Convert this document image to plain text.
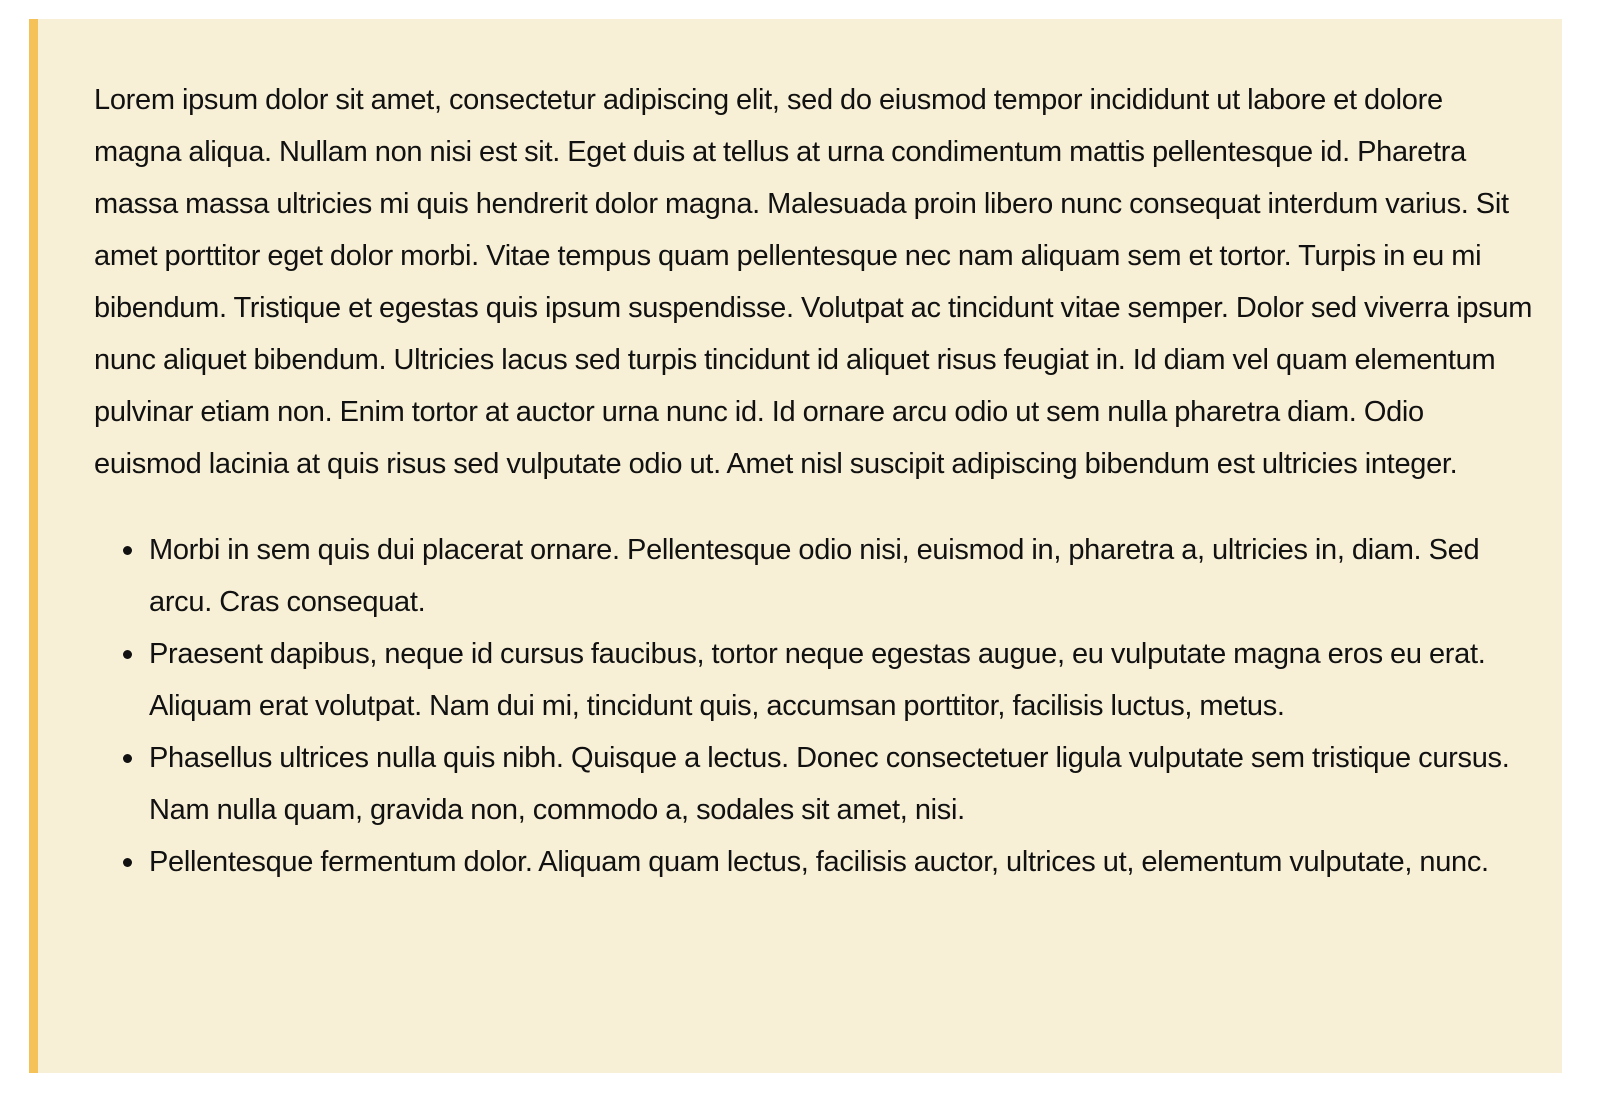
Lorem ipsum dolor sit amet, consectetur adipiscing elit, sed do eiusmod tempor incididunt ut labore et dolore magna aliqua. Nullam non nisi est sit. Eget duis at tellus at urna condimentum mattis pellentesque id. Pharetra massa massa ultricies mi quis hendrerit dolor magna. Malesuada proin libero nunc consequat interdum varius. Sit amet porttitor eget dolor morbi. Vitae tempus quam pellentesque nec nam aliquam sem et tortor. Turpis in eu mi bibendum. Tristique et egestas quis ipsum suspendisse. Volutpat ac tincidunt vitae semper. Dolor sed viverra ipsum nunc aliquet bibendum. Ultricies lacus sed turpis tincidunt id aliquet risus feugiat in. Id diam vel quam elementum pulvinar etiam non. Enim tortor at auctor urna nunc id. Id ornare arcu odio ut sem nulla pharetra diam. Odio euismod lacinia at quis risus sed vulputate odio ut. Amet nisl suscipit adipiscing bibendum est ultricies integer.

Morbi in sem quis dui placerat ornare. Pellentesque odio nisi, euismod in, pharetra a, ultricies in, diam. Sed arcu. Cras consequat.
Praesent dapibus, neque id cursus faucibus, tortor neque egestas augue, eu vulputate magna eros eu erat. Aliquam erat volutpat. Nam dui mi, tincidunt quis, accumsan porttitor, facilisis luctus, metus.
Phasellus ultrices nulla quis nibh. Quisque a lectus. Donec consectetuer ligula vulputate sem tristique cursus. Nam nulla quam, gravida non, commodo a, sodales sit amet, nisi.
Pellentesque fermentum dolor. Aliquam quam lectus, facilisis auctor, ultrices ut, elementum vulputate, nunc.
